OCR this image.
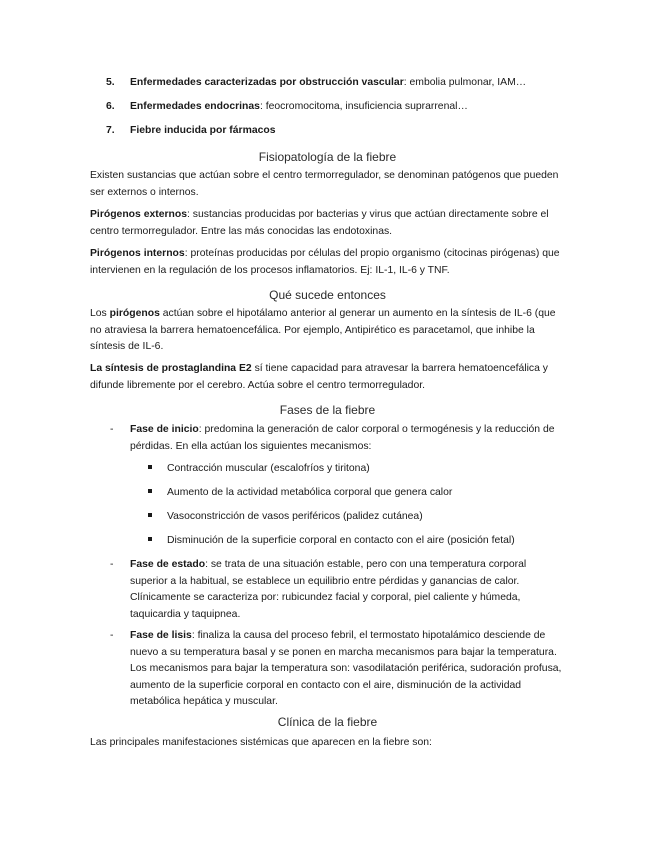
5. Enfermedades caracterizadas por obstrucción vascular: embolia pulmonar, IAM…
6. Enfermedades endocrinas: feocromocitoma, insuficiencia suprarrenal…
7. Fiebre inducida por fármacos
Fisiopatología de la fiebre
Existen sustancias que actúan sobre el centro termorregulador, se denominan patógenos que pueden ser externos o internos.
Pirógenos externos: sustancias producidas por bacterias y virus que actúan directamente sobre el centro termorregulador. Entre las más conocidas las endotoxinas.
Pirógenos internos: proteínas producidas por células del propio organismo (citocinas pirógenas) que intervienen en la regulación de los procesos inflamatorios. Ej: IL-1, IL-6 y TNF.
Qué sucede entonces
Los pirógenos actúan sobre el hipotálamo anterior al generar un aumento en la síntesis de IL-6 (que no atraviesa la barrera hematoencefálica. Por ejemplo, Antipirético es paracetamol, que inhibe la síntesis de IL-6.
La síntesis de prostaglandina E2 sí tiene capacidad para atravesar la barrera hematoencefálica y difunde libremente por el cerebro. Actúa sobre el centro termorregulador.
Fases de la fiebre
- Fase de inicio: predomina la generación de calor corporal o termogénesis y la reducción de pérdidas. En ella actúan los siguientes mecanismos:
Contracción muscular (escalofríos y tiritona)
Aumento de la actividad metabólica corporal que genera calor
Vasoconstricción de vasos periféricos (palidez cutánea)
Disminución de la superficie corporal en contacto con el aire (posición fetal)
- Fase de estado: se trata de una situación estable, pero con una temperatura corporal superior a la habitual, se establece un equilibrio entre pérdidas y ganancias de calor. Clínicamente se caracteriza por: rubicundez facial y corporal, piel caliente y húmeda, taquicardia y taquipnea.
- Fase de lisis: finaliza la causa del proceso febril, el termostato hipotalámico desciende de nuevo a su temperatura basal y se ponen en marcha mecanismos para bajar la temperatura. Los mecanismos para bajar la temperatura son: vasodilatación periférica, sudoración profusa, aumento de la superficie corporal en contacto con el aire, disminución de la actividad metabólica hepática y muscular.
Clínica de la fiebre
Las principales manifestaciones sistémicas que aparecen en la fiebre son:
